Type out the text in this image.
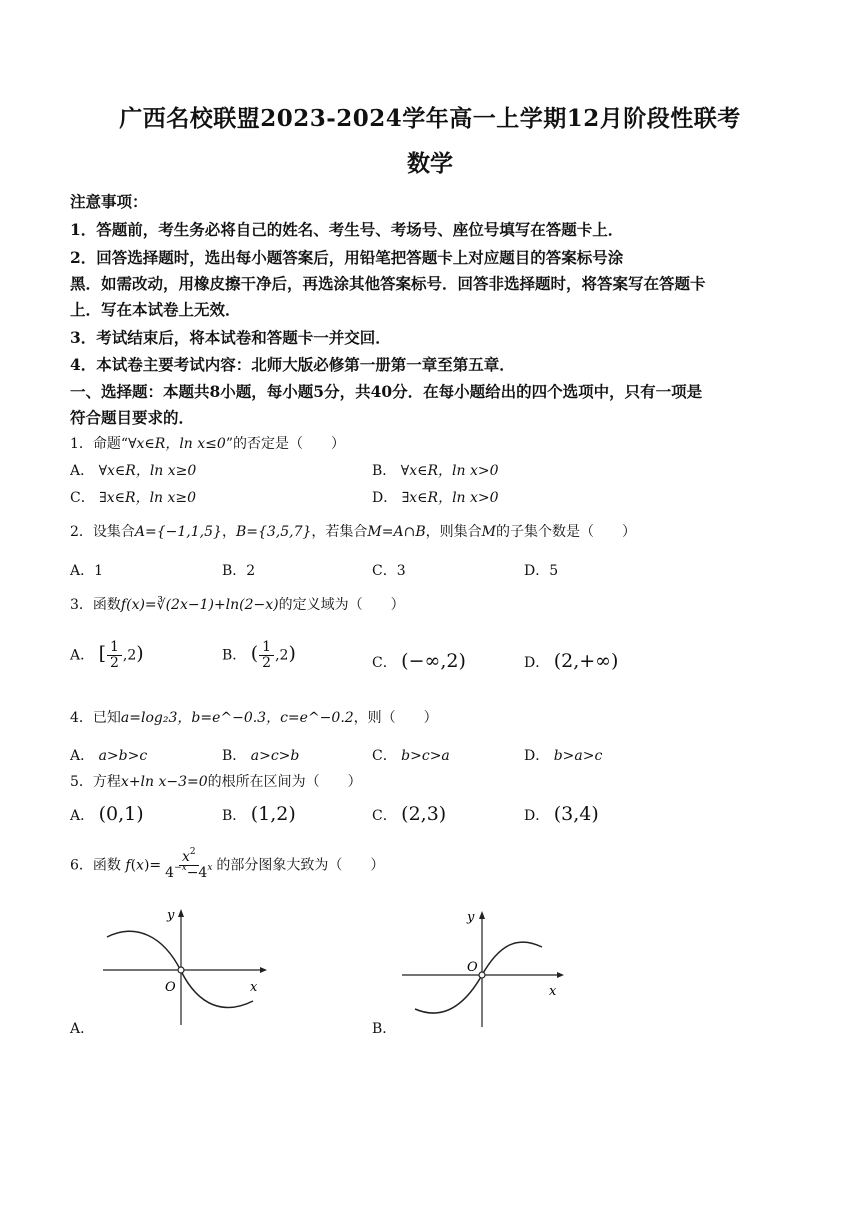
广西名校联盟2023-2024学年高一上学期12月阶段性联考
数学
注意事项：
1．答题前，考生务必将自己的姓名、考生号、考场号、座位号填写在答题卡上．
2．回答选择题时，选出每小题答案后，用铅笔把答题卡上对应题目的答案标号涂
黑．如需改动，用橡皮擦干净后，再选涂其他答案标号．回答非选择题时，将答案写在答题卡
上．写在本试卷上无效．
3．考试结束后，将本试卷和答题卡一并交回．
4．本试卷主要考试内容：北师大版必修第一册第一章至第五章．
一、选择题：本题共8小题，每小题5分，共40分．在每小题给出的四个选项中，只有一项是
符合题目要求的．
1．命题“∀x∈R，ln x≤0”的否定是（　　）
A． ∀x∈R，ln x≥0	B． ∀x∈R，ln x>0
C． ∃x∈R，ln x≥0	D． ∃x∈R，ln x>0
2．设集合A={−1,1,5}，B={3,5,7}，若集合M=A∩B，则集合M的子集个数是（　　）
A．1	B．2	C．3	D．5
3．函数f(x)=∛(2x−1)+ln(2−x)的定义域为（　　）
A． [ $\frac{1}{2} ,2$)	B． ( $\frac{1}{2} ,2$)	C． (−∞,2)	D． (2,+∞)
4．已知a=log₂3，b=e^−0.3，c=e^−0.2，则（　　）
A． a>b>c	B． a>c>b	C． b>c>a	D． b>a>c
5．方程x+ln x−3=0的根所在区间为（　　）
A． (0,1)	B． (1,2)	C． (2,3)	D． (3,4)
6．函数 $f(x)= \frac{x^2}{4^{-x}-4^x}$ 的部分图象大致为（　　）
y
x
O
A．
y
x
O
B．
